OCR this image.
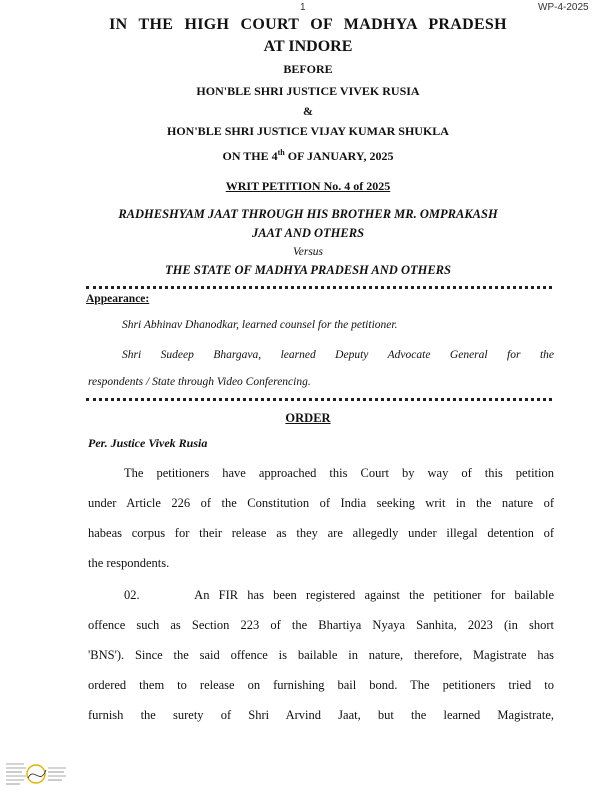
1	WP-4-2025
IN THE HIGH COURT OF MADHYA PRADESH
AT INDORE
BEFORE
HON'BLE SHRI JUSTICE VIVEK RUSIA
&
HON'BLE SHRI JUSTICE VIJAY KUMAR SHUKLA
ON THE 4th OF JANUARY, 2025
WRIT PETITION No. 4 of 2025
RADHESHYAM JAAT THROUGH HIS BROTHER MR. OMPRAKASH
JAAT AND OTHERS
Versus
THE STATE OF MADHYA PRADESH AND OTHERS
Appearance:
Shri Abhinav Dhanodkar, learned counsel for the petitioner.
Shri Sudeep Bhargava, learned Deputy Advocate General for the
respondents / State through Video Conferencing.
ORDER
Per. Justice Vivek Rusia
The petitioners have approached this Court by way of this petition
under Article 226 of the Constitution of India seeking writ in the nature of
habeas corpus for their release as they are allegedly under illegal detention of
the respondents.
02.      An FIR has been registered against the petitioner for bailable
offence such as Section 223 of the Bhartiya Nyaya Sanhita, 2023 (in short
'BNS'). Since the said offence is bailable in nature, therefore, Magistrate has
ordered them to release on furnishing bail bond. The petitioners tried to
furnish the surety of Shri Arvind Jaat, but the learned Magistrate,
